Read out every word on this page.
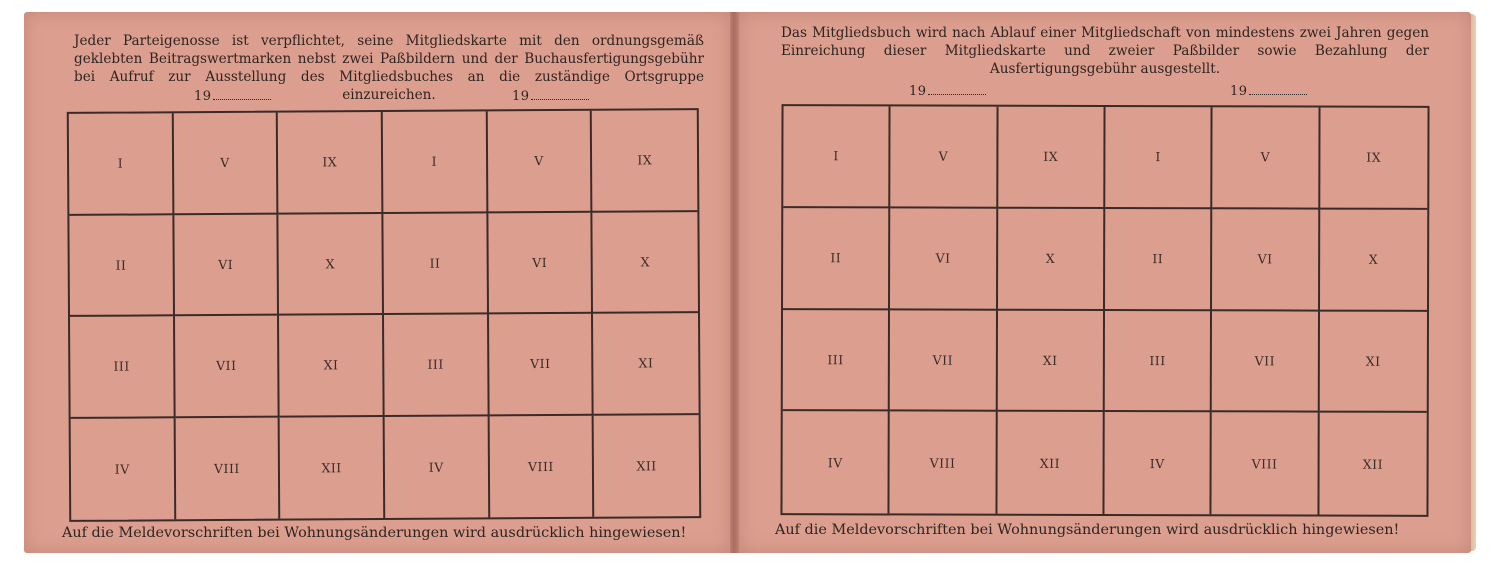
Jeder Parteigenosse ist verpflichtet, seine Mitgliedskarte mit den ordnungsgemäß geklebten Beitragswertmarken nebst zwei Paßbildern und der Buchausfertigungsgebühr bei Aufruf zur Ausstellung des Mitgliedsbuches an die zuständige Ortsgruppe einzureichen.

19	19
I	V	IX	I	V	IX
II	VI	X	II	VI	X
III	VII	XI	III	VII	XI
IV	VIII	XII	IV	VIII	XII

Auf die Meldevorschriften bei Wohnungsänderungen wird ausdrücklich hingewiesen!

Das Mitgliedsbuch wird nach Ablauf einer Mitgliedschaft von mindestens zwei Jahren gegen Einreichung dieser Mitgliedskarte und zweier Paßbilder sowie Bezahlung der Ausfertigungsgebühr ausgestellt.

19	19
I	V	IX	I	V	IX
II	VI	X	II	VI	X
III	VII	XI	III	VII	XI
IV	VIII	XII	IV	VIII	XII

Auf die Meldevorschriften bei Wohnungsänderungen wird ausdrücklich hingewiesen!
